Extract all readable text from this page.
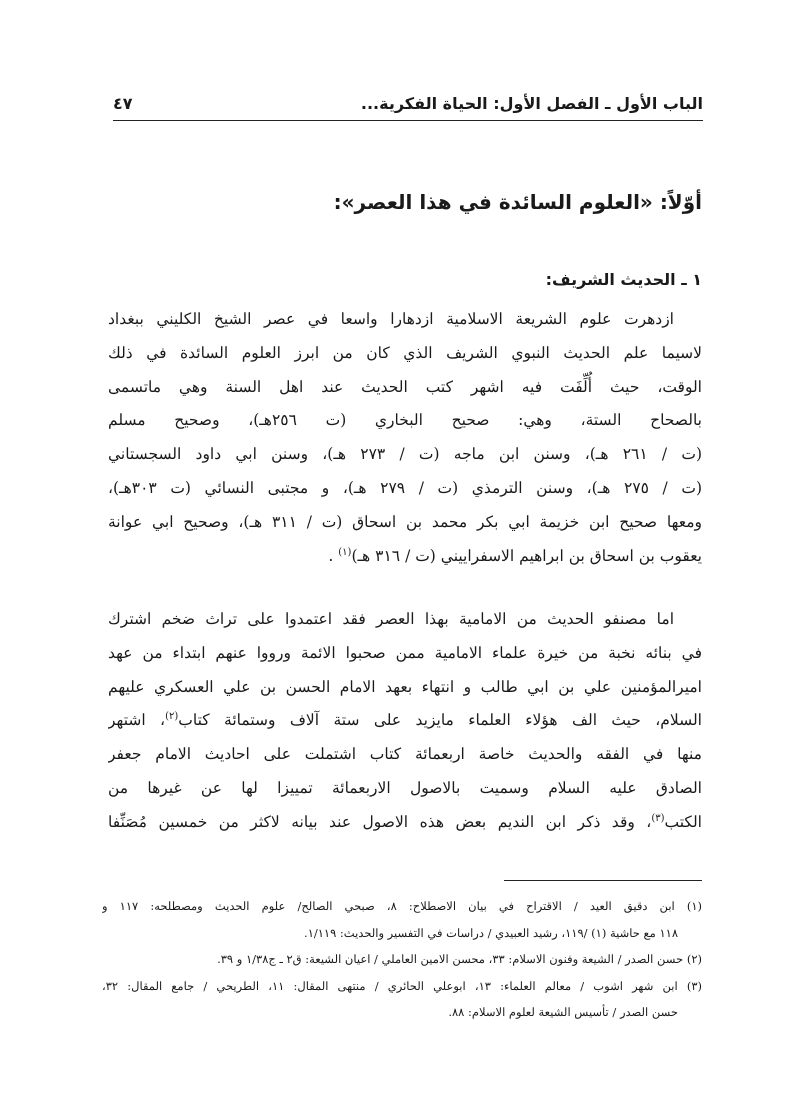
الباب الأول ـ الفصل الأول: الحياة الفكرية...
٤٧
أوّلاً: «العلوم السائدة في هذا العصر»:
١ ـ الحديث الشريف:
ازدهرت علوم الشريعة الاسلامية ازدهارا واسعا في عصر الشيخ الكليني ببغداد
لاسيما علم الحديث النبوي الشريف الذي كان من ابرز العلوم السائدة في ذلك
الوقت، حيث أُلِّفَت فيه اشهر كتب الحديث عند اهل السنة وهي ماتسمى
بالصحاح الستة، وهي: صحيح البخاري (ت ٢٥٦هـ)، وصحيح مسلم
(ت / ٢٦١ هـ)، وسنن ابن ماجه (ت / ٢٧٣ هـ)، وسنن ابي داود السجستاني
(ت / ٢٧٥ هـ)، وسنن الترمذي (ت / ٢٧٩ هـ)، و مجتبى النسائي (ت ٣٠٣هـ)،
ومعها صحيح ابن خزيمة ابي بكر محمد بن اسحاق (ت / ٣١١ هـ)، وصحيح ابي عوانة
يعقوب بن اسحاق بن ابراهيم الاسفراييني (ت / ٣١٦ هـ)$^{(١)}$ .
اما مصنفو الحديث من الامامية بهذا العصر فقد اعتمدوا على تراث ضخم اشترك
في بنائه نخبة من خيرة علماء الامامية ممن صحبوا الائمة ورووا عنهم ابتداء من عهد
اميرالمؤمنين علي بن ابي طالب و انتهاء بعهد الامام الحسن بن علي العسكري عليهم
السلام، حيث الف هؤلاء العلماء مايزيد على ستة آلاف وستمائة كتاب$^{(٢)}$، اشتهر
منها في الفقه والحديث خاصة اربعمائة كتاب اشتملت على احاديث الامام جعفر
الصادق عليه السلام وسميت بالاصول الاربعمائة تمييزا لها عن غيرها من
الكتب$^{(٣)}$، وقد ذكر ابن النديم بعض هذه الاصول عند بيانه لاكثر من خمسين مُصَنِّفا
(١) ابن دقيق العيد / الاقتراح في بيان الاصطلاح: ٨، صبحي الصالح/ علوم الحديث ومصطلحه: ١١٧ و
١١٨ مع حاشية (١) /١١٩، رشيد العبيدي / دراسات في التفسير والحديث: ١/١١٩.
(٢) حسن الصدر / الشيعة وفنون الاسلام: ٣٣، محسن الامين العاملي / اعيان الشيعة: ق٢ ـ ج١/٣٨ و ٣٩.
(٣) ابن شهر اشوب / معالم العلماء: ١٣، ابوعلي الحائري / منتهى المقال: ١١، الطريحي / جامع المقال: ٣٢،
حسن الصدر / تأسيس الشيعة لعلوم الاسلام: ٨٨.
